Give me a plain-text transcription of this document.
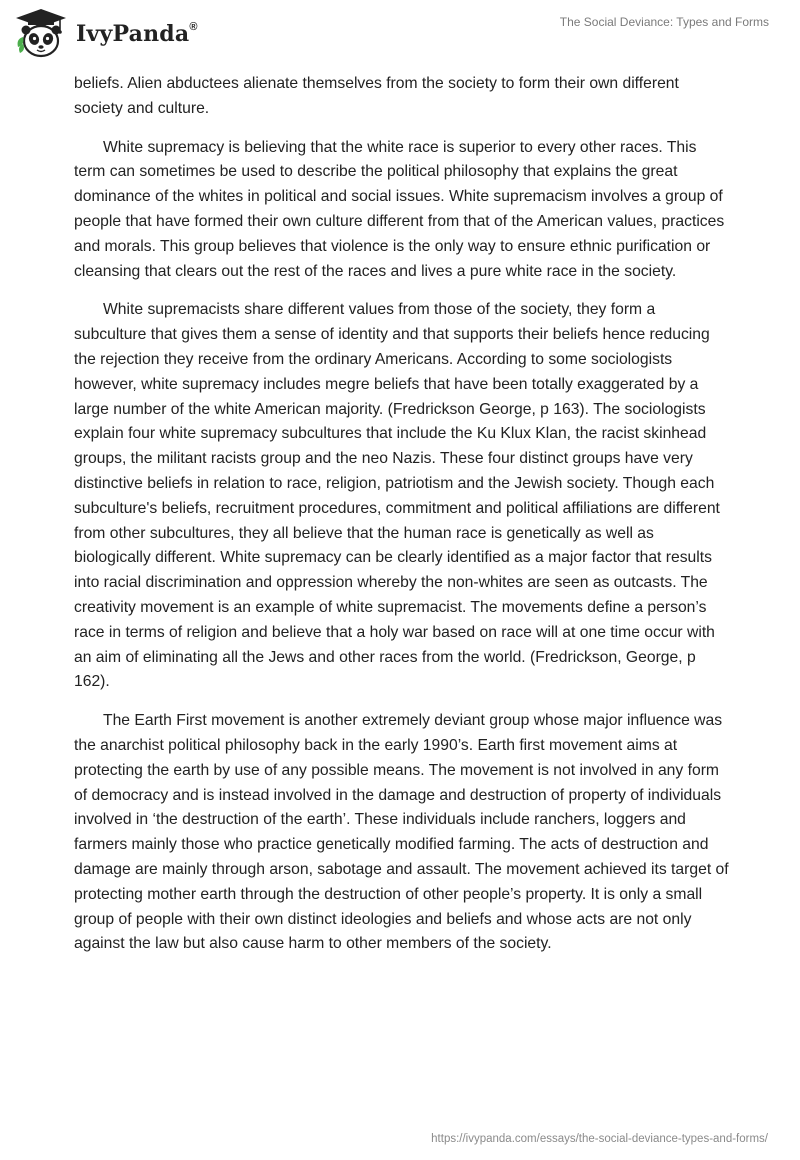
IvyPanda®	The Social Deviance: Types and Forms

beliefs. Alien abductees alienate themselves from the society to form their own different society and culture.

White supremacy is believing that the white race is superior to every other races. This term can sometimes be used to describe the political philosophy that explains the great dominance of the whites in political and social issues. White supremacism involves a group of people that have formed their own culture different from that of the American values, practices and morals. This group believes that violence is the only way to ensure ethnic purification or cleansing that clears out the rest of the races and lives a pure white race in the society.

White supremacists share different values from those of the society, they form a subculture that gives them a sense of identity and that supports their beliefs hence reducing the rejection they receive from the ordinary Americans. According to some sociologists however, white supremacy includes megre beliefs that have been totally exaggerated by a large number of the white American majority. (Fredrickson George, p 163). The sociologists explain four white supremacy subcultures that include the Ku Klux Klan, the racist skinhead groups, the militant racists group and the neo Nazis. These four distinct groups have very distinctive beliefs in relation to race, religion, patriotism and the Jewish society. Though each subculture's beliefs, recruitment procedures, commitment and political affiliations are different from other subcultures, they all believe that the human race is genetically as well as biologically different. White supremacy can be clearly identified as a major factor that results into racial discrimination and oppression whereby the non-whites are seen as outcasts. The creativity movement is an example of white supremacist. The movements define a person’s race in terms of religion and believe that a holy war based on race will at one time occur with an aim of eliminating all the Jews and other races from the world. (Fredrickson, George, p 162).

The Earth First movement is another extremely deviant group whose major influence was the anarchist political philosophy back in the early 1990’s. Earth first movement aims at protecting the earth by use of any possible means. The movement is not involved in any form of democracy and is instead involved in the damage and destruction of property of individuals involved in ‘the destruction of the earth’. These individuals include ranchers, loggers and farmers mainly those who practice genetically modified farming. The acts of destruction and damage are mainly through arson, sabotage and assault. The movement achieved its target of protecting mother earth through the destruction of other people’s property. It is only a small group of people with their own distinct ideologies and beliefs and whose acts are not only against the law but also cause harm to other members of the society.

https://ivypanda.com/essays/the-social-deviance-types-and-forms/
